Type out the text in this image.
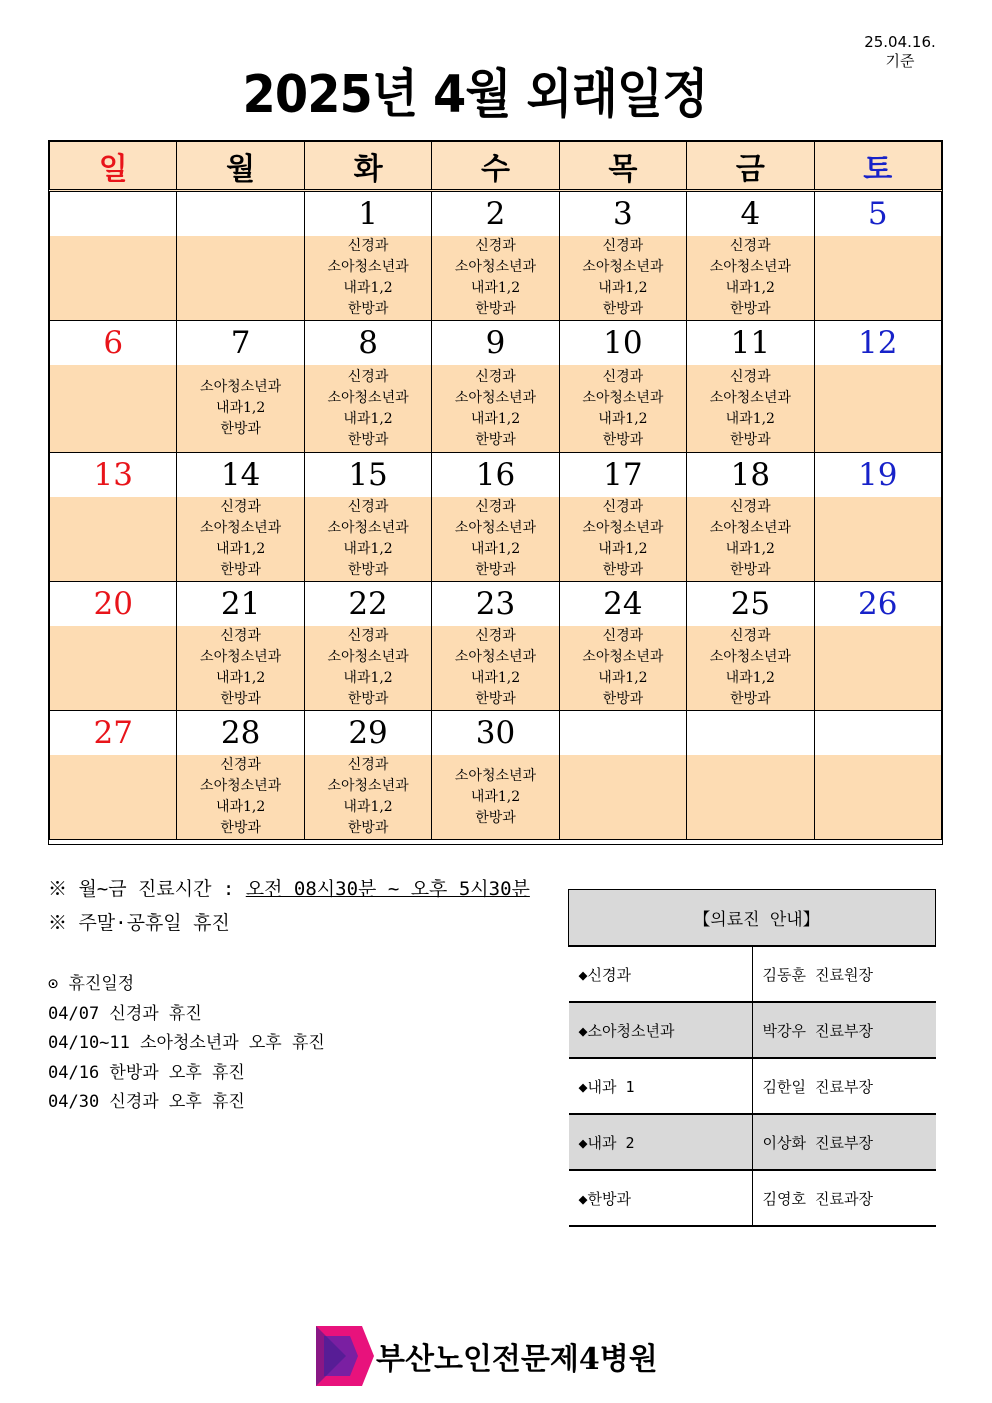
25.04.16.
기준
2025년 4월 외래일정
일	월	화	수	목	금	토
		1	2	3	4	5

		신경과
소아청소년과
내과1,2
한방과	신경과
소아청소년과
내과1,2
한방과	신경과
소아청소년과
내과1,2
한방과	신경과
소아청소년과
내과1,2
한방과	

6	7	8	9	10	11	12

	소아청소년과
내과1,2
한방과	신경과
소아청소년과
내과1,2
한방과	신경과
소아청소년과
내과1,2
한방과	신경과
소아청소년과
내과1,2
한방과	신경과
소아청소년과
내과1,2
한방과	

13	14	15	16	17	18	19

	신경과
소아청소년과
내과1,2
한방과	신경과
소아청소년과
내과1,2
한방과	신경과
소아청소년과
내과1,2
한방과	신경과
소아청소년과
내과1,2
한방과	신경과
소아청소년과
내과1,2
한방과	

20	21	22	23	24	25	26

	신경과
소아청소년과
내과1,2
한방과	신경과
소아청소년과
내과1,2
한방과	신경과
소아청소년과
내과1,2
한방과	신경과
소아청소년과
내과1,2
한방과	신경과
소아청소년과
내과1,2
한방과	

27	28	29	30			

	신경과
소아청소년과
내과1,2
한방과	신경과
소아청소년과
내과1,2
한방과	소아청소년과
내과1,2
한방과			

※ 월~금 진료시간 : 오전 08시30분 ~ 오후 5시30분
※ 주말·공휴일 휴진
⊙ 휴진일정
04/07 신경과 휴진
04/10~11 소아청소년과 오후 휴진
04/16 한방과 오후 휴진
04/30 신경과 오후 휴진
【의료진 안내】	
◆신경과	김동훈 진료원장
◆소아청소년과	박강우 진료부장
◆내과 1	김한일 진료부장
◆내과 2	이상화 진료부장
◆한방과	김영호 진료과장
부산노인전문제4병원
